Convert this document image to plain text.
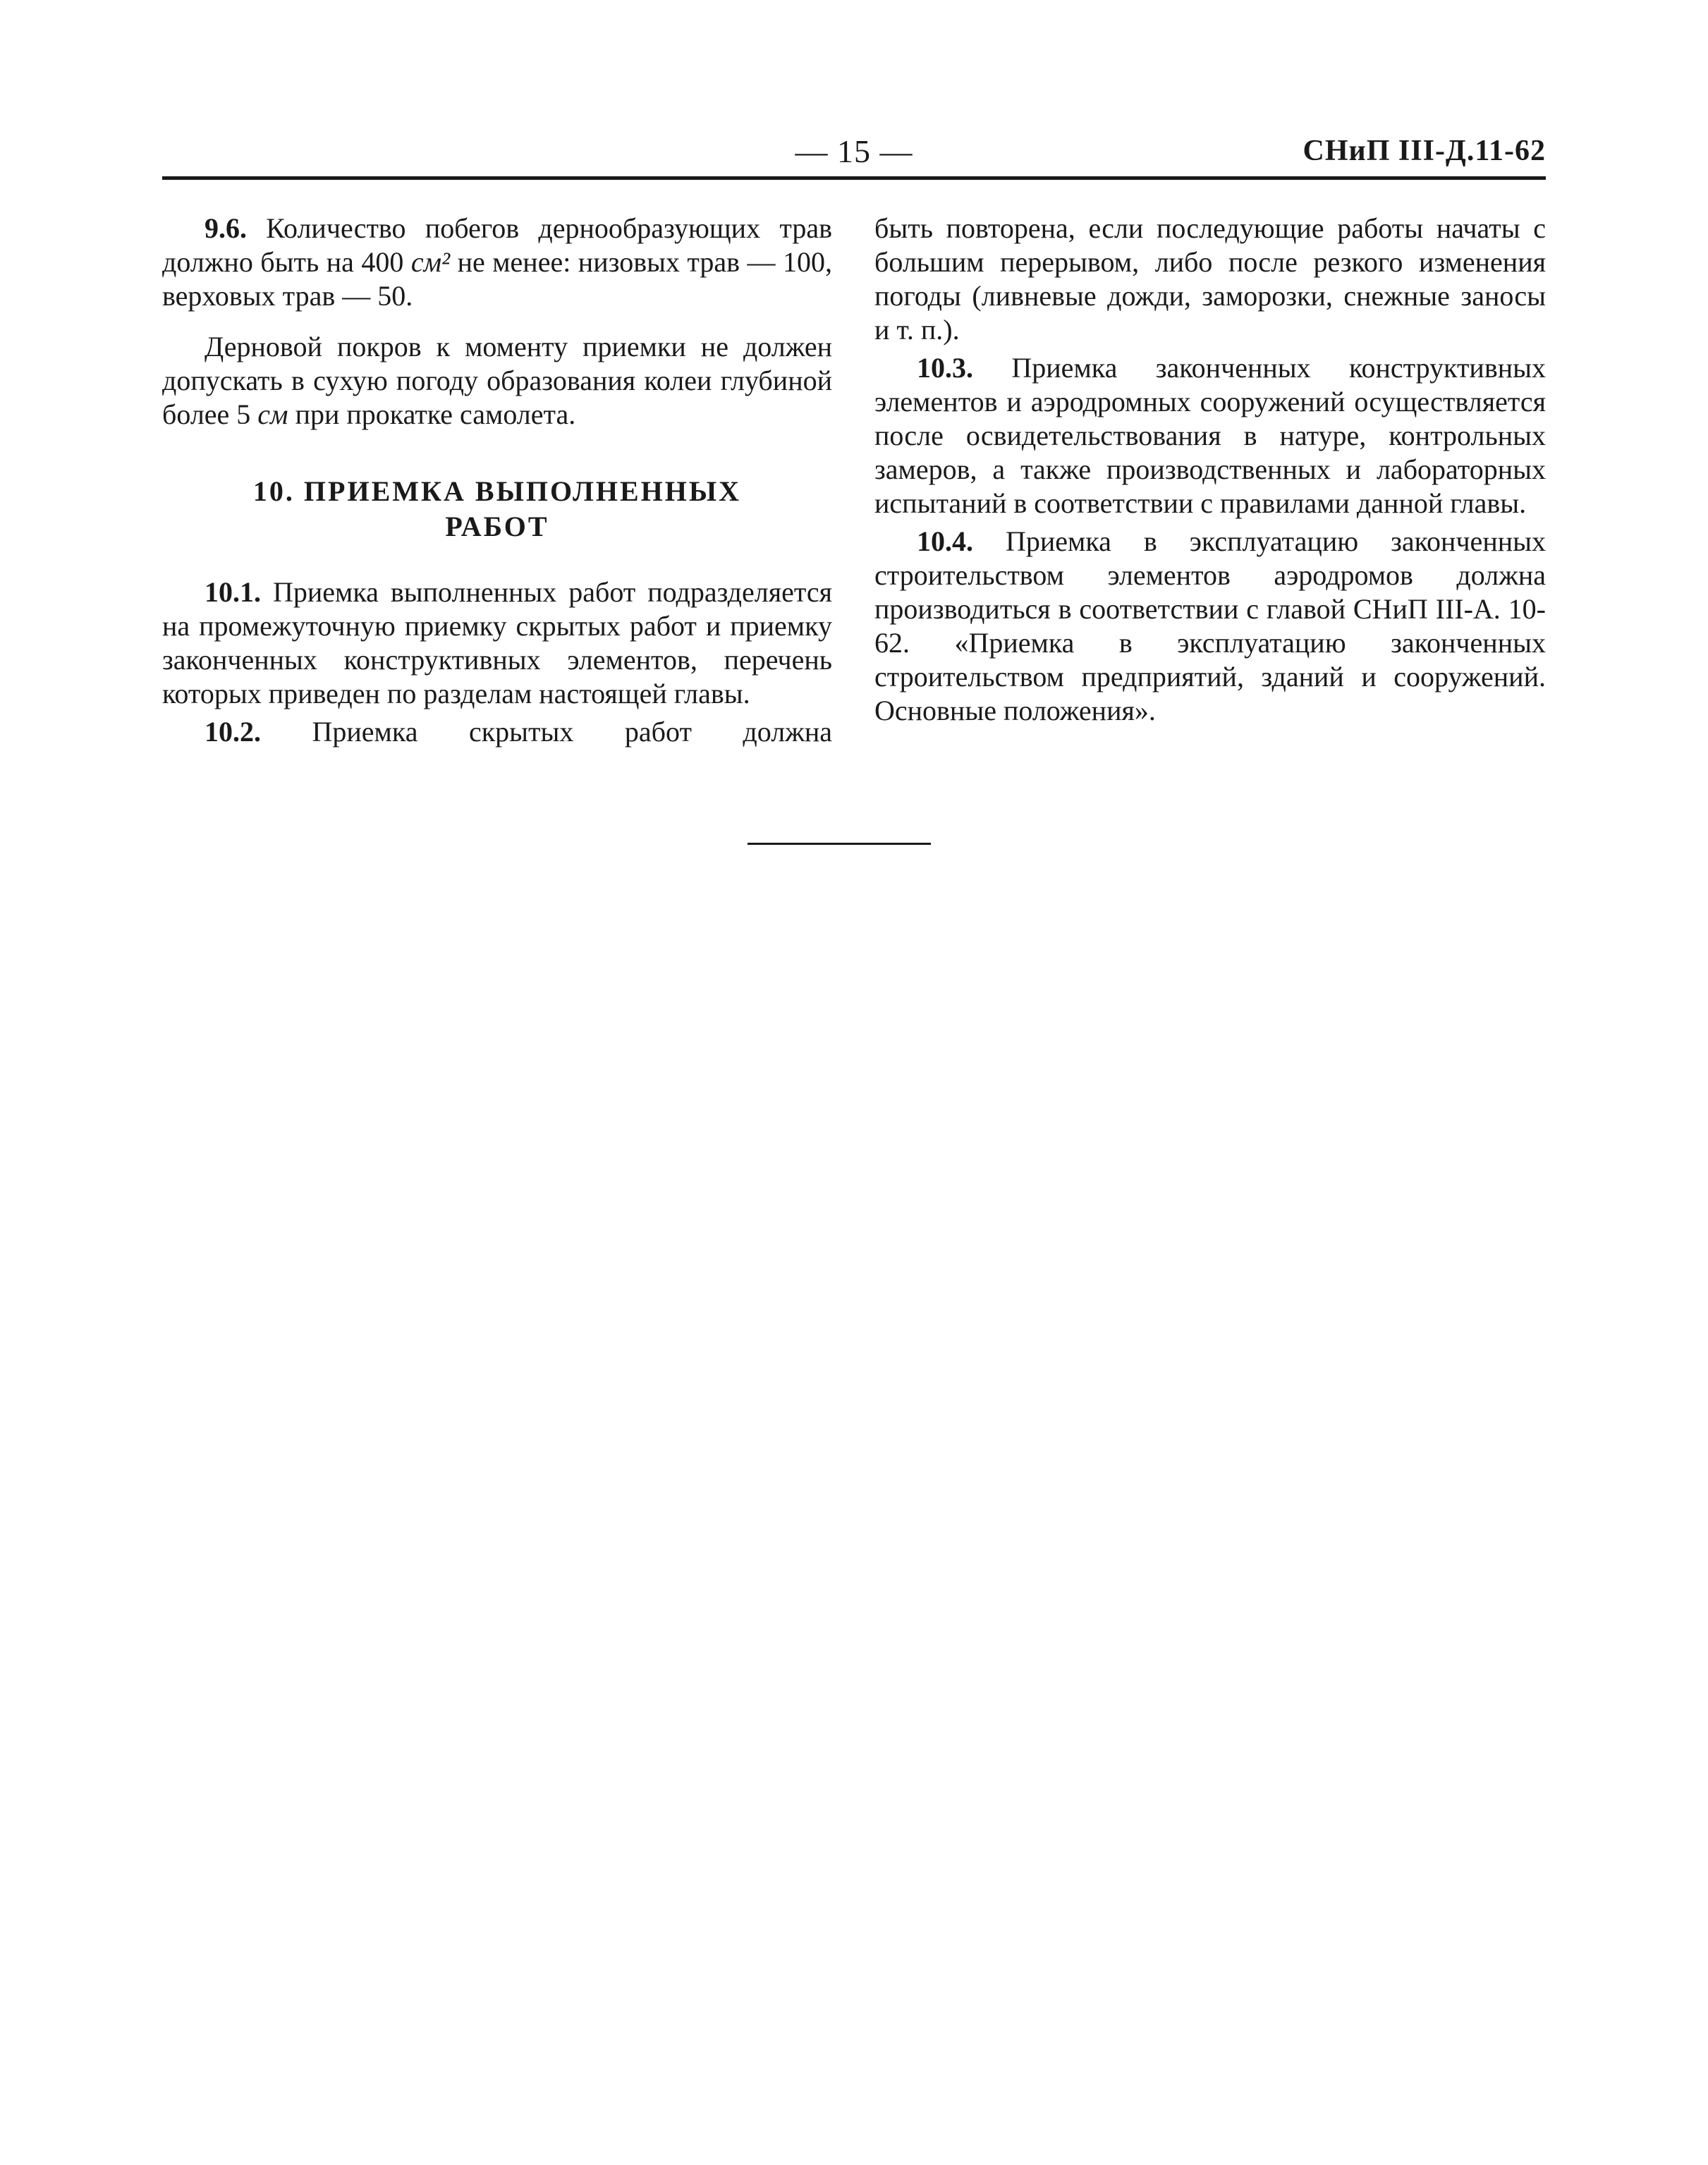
— 15 —	СНиП III-Д.11-62

9.6. Количество побегов дернообразующих трав должно быть на 400 см² не менее: низовых трав — 100, верховых трав — 50.

Дерновой покров к моменту приемки не должен допускать в сухую погоду образования колеи глубиной более 5 см при прокатке самолета.

10. ПРИЕМКА ВЫПОЛНЕННЫХ
РАБОТ

10.1. Приемка выполненных работ подразделяется на промежуточную приемку скрытых работ и приемку законченных конструктивных элементов, перечень которых приведен по разделам настоящей главы.

10.2. Приемка скрытых работ должна

быть повторена, если последующие работы начаты с большим перерывом, либо после резкого изменения погоды (ливневые дожди, заморозки, снежные заносы и т. п.).

10.3. Приемка законченных конструктивных элементов и аэродромных сооружений осуществляется после освидетельствования в натуре, контрольных замеров, а также производственных и лабораторных испытаний в соответствии с правилами данной главы.

10.4. Приемка в эксплуатацию законченных строительством элементов аэродромов должна производиться в соответствии с главой СНиП III-А. 10-62. «Приемка в эксплуатацию законченных строительством предприятий, зданий и сооружений. Основные положения».
